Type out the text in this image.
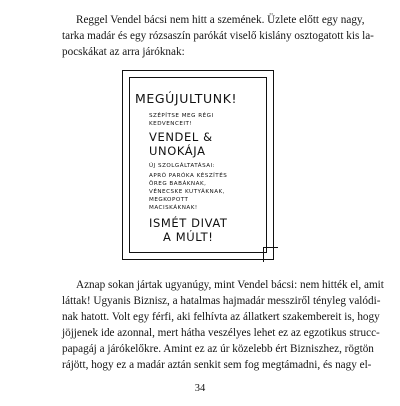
Reggel Vendel bácsi nem hitt a szemének. Üzlete előtt egy nagy,
tarka madár és egy rózsaszín parókát viselő kislány osztogatott kis la-
pocskákat az arra járóknak:
MEGÚJULTUNK!
SZÉPÍTSE MEG RÉGI
KEDVENCEIT!
VENDEL &
UNOKÁJA
ÚJ SZOLGÁLTATÁSAI:
APRÓ PARÓKA KÉSZÍTÉS
ÖREG BABÁKNAK,
VÉNECSKE KUTYÁKNAK,
MEGKOPOTT
MACISKÁKNAK!
ISMÉT DIVAT
A MÚLT!
Aznap sokan jártak ugyanúgy, mint Vendel bácsi: nem hitték el, amit
láttak! Ugyanis Biznisz, a hatalmas hajmadár messziről tényleg valódi-
nak hatott. Volt egy férfi, aki felhívta az állatkert szakembereit is, hogy
jöjjenek ide azonnal, mert hátha veszélyes lehet ez az egzotikus strucc-
papagáj a járókelőkre. Amint ez az úr közelebb ért Bizniszhez, rögtön
rájött, hogy ez a madár aztán senkit sem fog megtámadni, és nagy el-
34
